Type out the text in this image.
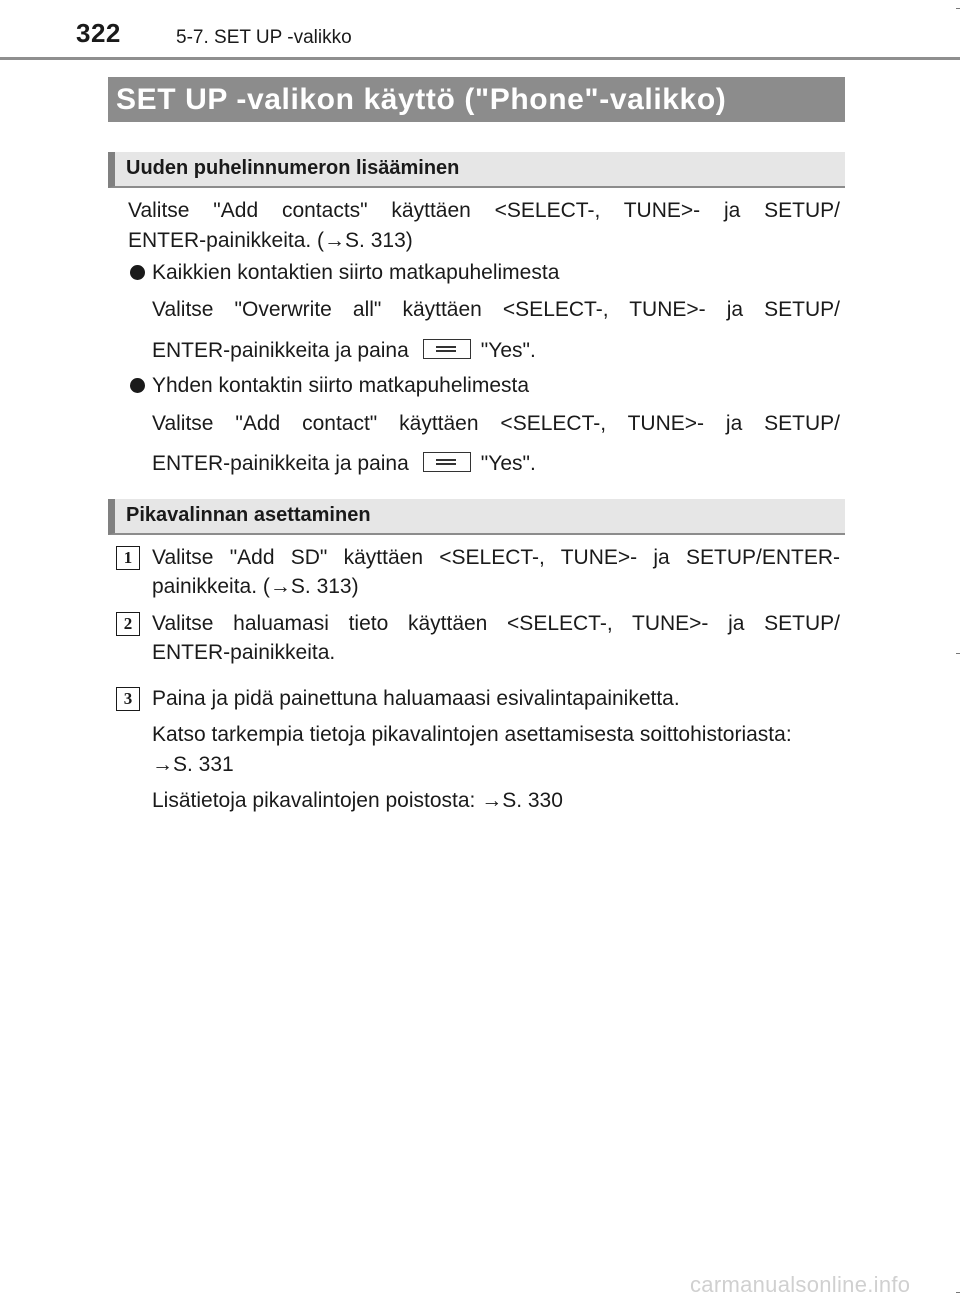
322	5-7. SET UP -valikko
SET UP -valikon käyttö ("Phone"-valikko)
Uuden puhelinnumeron lisääminen
Valitse "Add contacts" käyttäen <SELECT-, TUNE>- ja SETUP/
ENTER-painikkeita. (→S. 313)
Kaikkien kontaktien siirto matkapuhelimesta
Valitse "Overwrite all" käyttäen <SELECT-, TUNE>- ja SETUP/
ENTER-painikkeita ja paina	"Yes".
Yhden kontaktin siirto matkapuhelimesta
Valitse "Add contact" käyttäen <SELECT-, TUNE>- ja SETUP/
ENTER-painikkeita ja paina	"Yes".
Pikavalinnan asettaminen
1 Valitse "Add SD" käyttäen <SELECT-, TUNE>- ja SETUP/ENTER-
painikkeita. (→S. 313)
2 Valitse haluamasi tieto käyttäen <SELECT-, TUNE>- ja SETUP/
ENTER-painikkeita.
3 Paina ja pidä painettuna haluamaasi esivalintapainiketta.
Katso tarkempia tietoja pikavalintojen asettamisesta soittohistoriasta:
→S. 331
Lisätietoja pikavalintojen poistosta: →S. 330
carmanualsonline.info
